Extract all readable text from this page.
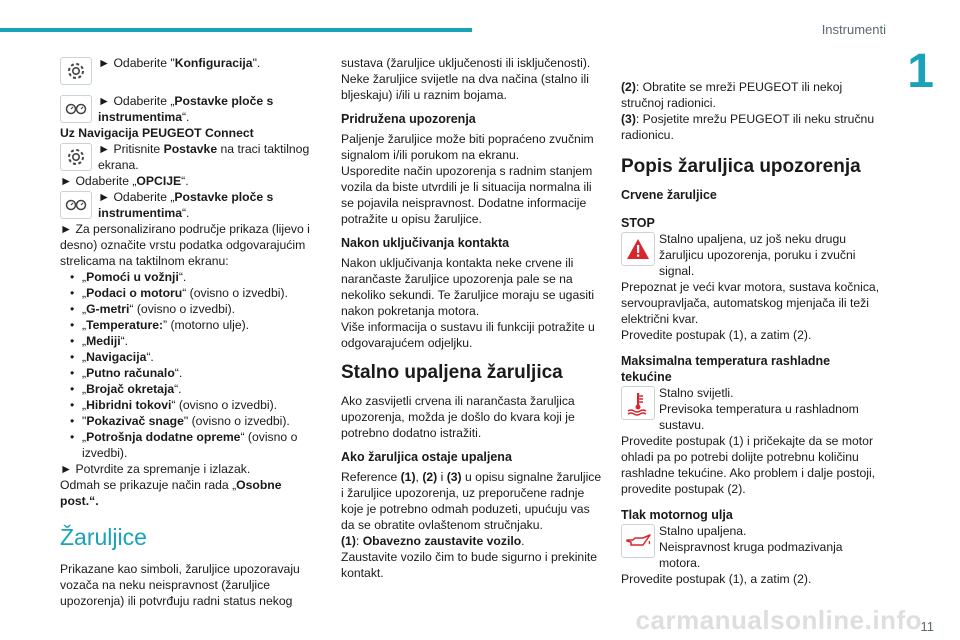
Instrumenti
1

► Odaberite "Konfiguracija".

► Odaberite „Postavke ploče s instrumentima“.

Uz Navigacija PEUGEOT Connect

► Pritisnite Postavke na traci taktilnog ekrana.

► Odaberite „OPCIJE“.

► Odaberite „Postavke ploče s instrumentima“.

► Za personalizirano područje prikaza (lijevo i desno) označite vrstu podatka odgovarajućim strelicama na taktilnom ekranu:

• „Pomoći u vožnji“.

• „Podaci o motoru“ (ovisno o izvedbi).

• „G-metri“ (ovisno o izvedbi).

• „Temperature:” (motorno ulje).

• „Mediji“.

• „Navigacija“.

• „Putno računalo“.

• „Brojač okretaja“.

• „Hibridni tokovi“ (ovisno o izvedbi).

• "Pokazivač snage" (ovisno o izvedbi).

• „Potrošnja dodatne opreme“ (ovisno o izvedbi).

► Potvrdite za spremanje i izlazak.

Odmah se prikazuje način rada „Osobne post.“.

Žaruljice

Prikazane kao simboli, žaruljice upozoravaju vozača na neku neispravnost (žaruljice upozorenja) ili potvrđuju radni status nekog

sustava (žaruljice uključenosti ili isključenosti). Neke žaruljice svijetle na dva načina (stalno ili bljeskaju) i/ili u raznim bojama.

Pridružena upozorenja

Paljenje žaruljice može biti popraćeno zvučnim signalom i/ili porukom na ekranu.

Usporedite način upozorenja s radnim stanjem vozila da biste utvrdili je li situacija normalna ili se pojavila neispravnost. Dodatne informacije potražite u opisu žaruljice.

Nakon uključivanja kontakta

Nakon uključivanja kontakta neke crvene ili narančaste žaruljice upozorenja pale se na nekoliko sekundi. Te žaruljice moraju se ugasiti nakon pokretanja motora.

Više informacija o sustavu ili funkciji potražite u odgovarajućem odjeljku.

Stalno upaljena žaruljica

Ako zasvijetli crvena ili narančasta žaruljica upozorenja, možda je došlo do kvara koji je potrebno dodatno istražiti.

Ako žaruljica ostaje upaljena

Reference (1), (2) i (3) u opisu signalne žaruljice i žaruljice upozorenja, uz preporučene radnje koje je potrebno odmah poduzeti, upućuju vas da se obratite ovlaštenom stručnjaku.

(1): Obavezno zaustavite vozilo.

Zaustavite vozilo čim to bude sigurno i prekinite kontakt.

(2): Obratite se mreži PEUGEOT ili nekoj stručnoj radionici.

(3): Posjetite mrežu PEUGEOT ili neku stručnu radionicu.

Popis žaruljica upozorenja
Crvene žaruljice
STOP
Stalno upaljena, uz još neku drugu žaruljicu upozorenja, poruku i zvučni signal.

Prepoznat je veći kvar motora, sustava kočnica, servoupravljača, automatskog mjenjača ili teži električni kvar.

Provedite postupak (1), a zatim (2).

Maksimalna temperatura rashladne tekućine
Stalno svijetli.
Previsoka temperatura u rashladnom sustavu.

Provedite postupak (1) i pričekajte da se motor ohladi pa po potrebi dolijte potrebnu količinu rashladne tekućine. Ako problem i dalje postoji, provedite postupak (2).

Tlak motornog ulja
Stalno upaljena.
Neispravnost kruga podmazivanja motora.

Provedite postupak (1), a zatim (2).

carmanualsonline.info
11
